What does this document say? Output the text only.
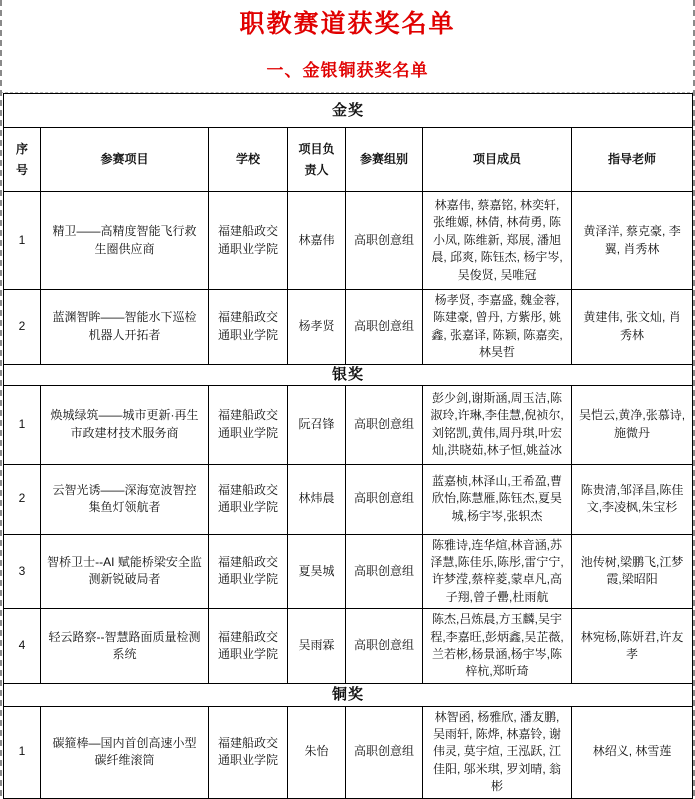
职教赛道获奖名单
一、金银铜获奖名单
金奖						
序号	参赛项目	学校	项目负责人	参赛组别	项目成员	指导老师
1	精卫——高精度智能飞行救生圈供应商	福建船政交通职业学院	林嘉伟	高职创意组	林嘉伟, 蔡嘉铭, 林奕轩, 张维嫄, 林倩, 林荷勇, 陈小凤, 陈维新, 郑展, 潘旭晨, 邱爽, 陈钰杰, 杨宇岑, 吴俊贤, 吴唯冠	黄泽洋, 蔡克豪, 李翼, 肖秀林
2	蓝渊智眸——智能水下巡检机器人开拓者	福建船政交通职业学院	杨孝贤	高职创意组	杨孝贤, 李嘉盛, 魏金蓉, 陈建豪, 曾丹, 方紫彤, 姚鑫, 张嘉译, 陈颖, 陈嘉奕, 林昊哲	黄建伟, 张文灿, 肖秀林
银奖						
1	焕城绿筑——城市更新·再生市政建材技术服务商	福建船政交通职业学院	阮召锋	高职创意组	彭少剑,谢斯涵,周玉洁,陈淑玲,许琳,李佳慧,倪祯尔,刘铭凯,黄伟,周丹琪,叶宏灿,洪晓茹,林子恒,姚益冰	吴恺云,黄净,张慕诗,施微丹
2	云智光诱——深海宽波智控集鱼灯领航者	福建船政交通职业学院	林炜晨	高职创意组	蓝嘉桢,林泽山,王希盈,曹欣怡,陈慧雁,陈钰杰,夏昊城,杨宇岑,张轵杰	陈贵清,邹泽昌,陈佳文,李凌枫,朱宝杉
3	智桥卫士--AI 赋能桥梁安全监测新锐破局者	福建船政交通职业学院	夏昊城	高职创意组	陈雅诗,连华煊,林音涵,苏泽慧,陈佳乐,陈彤,雷宁宁,许梦滢,蔡梓菱,蒙卓凡,高子翔,曾子罍,杜雨航	池传树,梁鹏飞,江梦霞,梁昭阳
4	轻云路察--智慧路面质量检测系统	福建船政交通职业学院	吴雨霖	高职创意组	陈杰,吕炼晨,方玉麟,吴宇程,李嘉旺,彭炳鑫,吴芷薇,兰若彬,杨景涵,杨宇岑,陈梓杭,郑昕琦	林宛杨,陈妍君,许友孝
铜奖
1	碳箍棒—国内首创高速小型碳纤维滚筒	福建船政交通职业学院	朱怡	高职创意组	林智函, 杨雅欣, 潘友鹏, 吴雨轩, 陈烨, 林嘉铃, 谢伟灵, 莫宇煊, 王泓跃, 江佳阳, 邬米琪, 罗刘晴, 翁彬	林绍义, 林雪莲
